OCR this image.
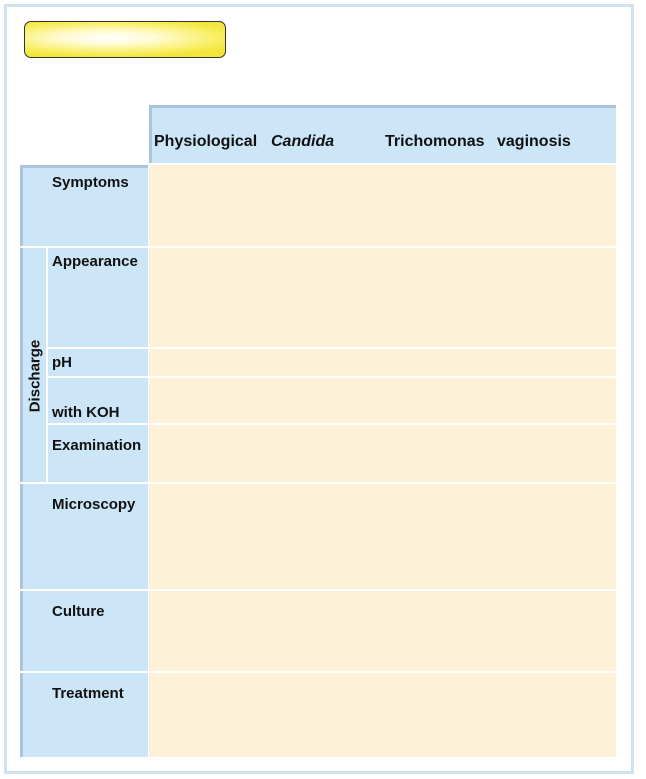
Physiological Candida	Trichomonas vaginosis
Discharge
Symptoms
Appearance
pH
with KOH
Examination
Microscopy
Culture
Treatment
